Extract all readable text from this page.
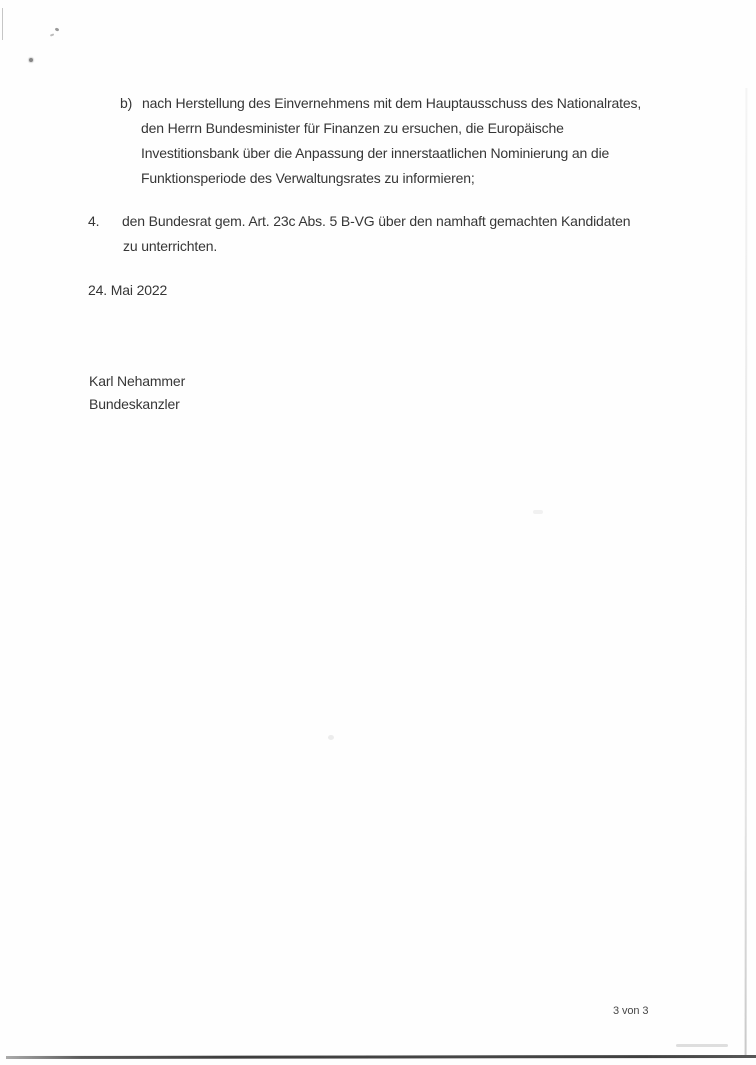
b) nach Herstellung des Einvernehmens mit dem Hauptausschuss des Nationalrates,
den Herrn Bundesminister für Finanzen zu ersuchen, die Europäische
Investitionsbank über die Anpassung der innerstaatlichen Nominierung an die
Funktionsperiode des Verwaltungsrates zu informieren;
4. den Bundesrat gem. Art. 23c Abs. 5 B-VG über den namhaft gemachten Kandidaten
zu unterrichten.
24. Mai 2022
Karl Nehammer
Bundeskanzler
3 von 3
